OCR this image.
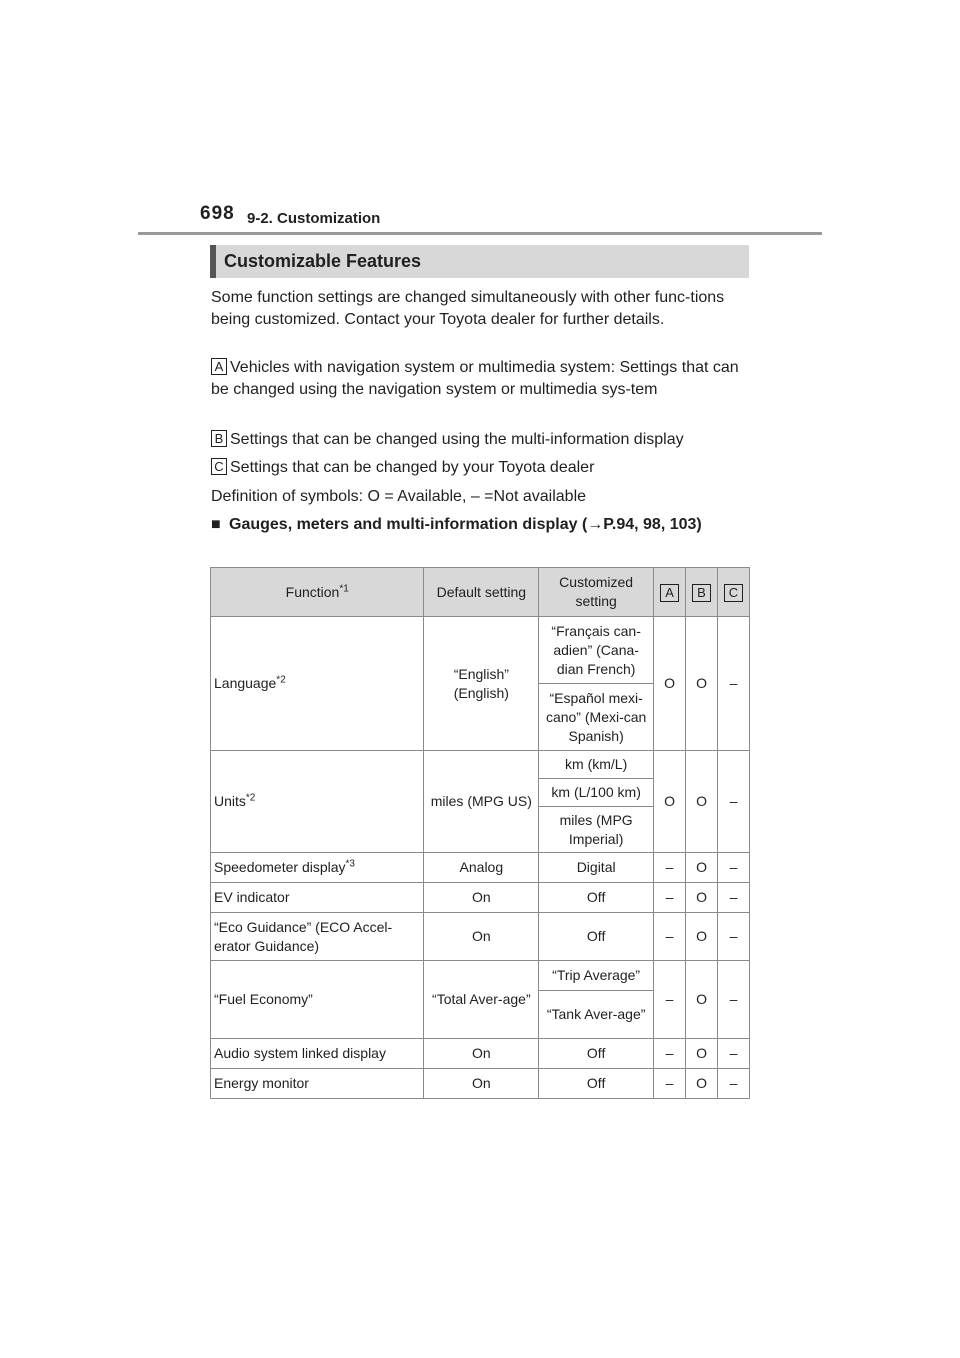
698 9-2. Customization
Customizable Features
Some function settings are changed simultaneously with other func-tions being customized. Contact your Toyota dealer for further details.
A Vehicles with navigation system or multimedia system: Settings that can be changed using the navigation system or multimedia sys-tem
B Settings that can be changed using the multi-information display
C Settings that can be changed by your Toyota dealer
Definition of symbols: O = Available, – =Not available
■ Gauges, meters and multi-information display (→P.94, 98, 103)
Function$^{*1}$	Default setting	Customized setting	A	B	C
Language$^{*2}$	“English” (English)	“Français can-adien” (Cana-dian French)	O	O	–
		“Español mexi-cano” (Mexi-can Spanish)			
Units$^{*2}$	miles (MPG US)	km (km/L)	O	O	–
		km (L/100 km)			
		miles (MPG Imperial)			
Speedometer display$^{*3}$	Analog	Digital	–	O	–
EV indicator	On	Off	–	O	–
“Eco Guidance” (ECO Accel-erator Guidance)	On	Off	–	O	–
“Fuel Economy”	“Total Aver-age”	“Trip Average”	–	O	–
		“Tank Aver-age”			
Audio system linked display	On	Off	–	O	–
Energy monitor	On	Off	–	O	–
